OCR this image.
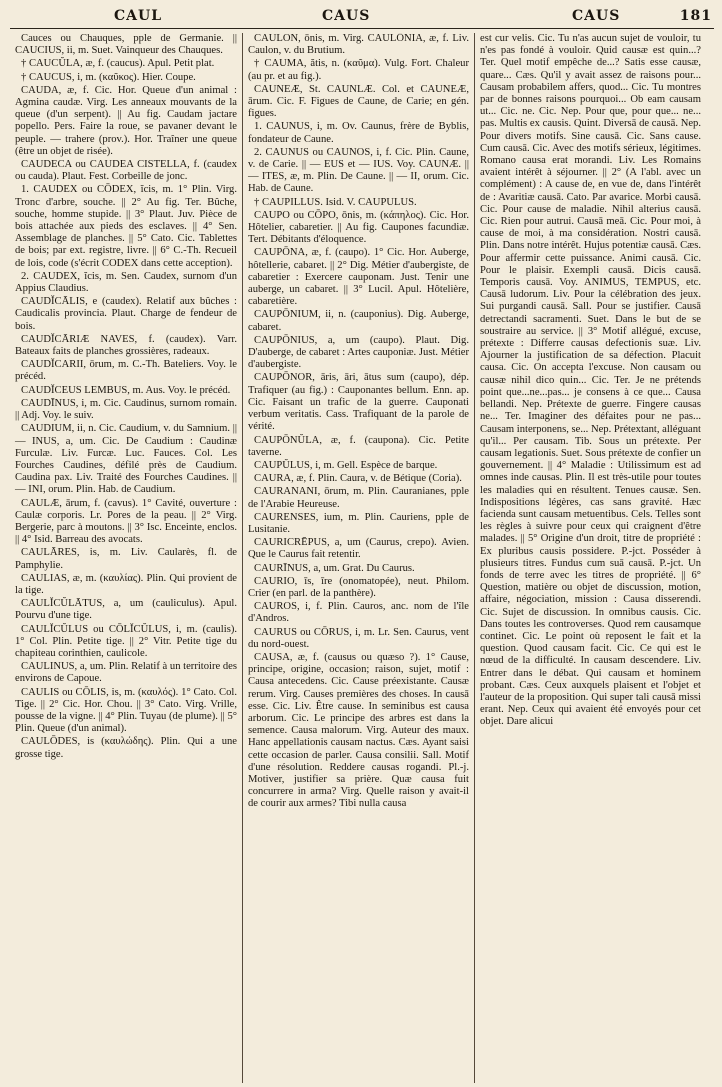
CAUL	CAUS	CAUS	181

Cauces ou Chauques, pple de Germanie. || CAUCIUS, ii, m. Suet. Vainqueur des Chauques.

† CAUCŬLA, æ, f. (caucus). Apul. Petit plat.

† CAUCUS, i, m. (καῦκος). Hier. Coupe.

CAUDA, æ, f. Cic. Hor. Queue d'un animal : Agmina caudæ. Virg. Les anneaux mouvants de la queue (d'un serpent). || Au fig. Caudam jactare popello. Pers. Faire la roue, se pavaner devant le peuple. — trahere (prov.). Hor. Traîner une queue (être un objet de risée).

CAUDECA ou CAUDEA CISTELLA, f. (caudex ou cauda). Plaut. Fest. Corbeille de jonc.

1. CAUDEX ou CŌDEX, ĭcis, m. 1° Plin. Virg. Tronc d'arbre, souche. || 2° Au fig. Ter. Bûche, souche, homme stupide. || 3° Plaut. Juv. Pièce de bois attachée aux pieds des esclaves. || 4° Sen. Assemblage de planches. || 5° Cato. Cic. Tablettes de bois; par ext. registre, livre. || 6° C.-Th. Recueil de lois, code (s'écrit CODEX dans cette acception).

2. CAUDEX, ĭcis, m. Sen. Caudex, surnom d'un Appius Claudius.

CAUDĬCĀLIS, e (caudex). Relatif aux bûches : Caudicalis provincia. Plaut. Charge de fendeur de bois.

CAUDĬCĀRIÆ NAVES, f. (caudex). Varr. Bateaux faits de planches grossières, radeaux.

CAUDĬCARII, ōrum, m. C.-Th. Bateliers. Voy. le précéd.

CAUDĬCEUS LEMBUS, m. Aus. Voy. le précéd.

CAUDĪNUS, i, m. Cic. Caudinus, surnom romain. || Adj. Voy. le suiv.

CAUDIUM, ii, n. Cic. Caudium, v. du Samnium. || — INUS, a, um. Cic. De Caudium : Caudinæ Furculæ. Liv. Furcæ. Luc. Fauces. Col. Les Fourches Caudines, défilé près de Caudium. Caudina pax. Liv. Traité des Fourches Caudines. || — INI, orum. Plin. Hab. de Caudium.

CAULÆ, ārum, f. (cavus). 1° Cavité, ouverture : Caulæ corporis. Lr. Pores de la peau. || 2° Virg. Bergerie, parc à moutons. || 3° Isc. Enceinte, enclos. || 4° Isid. Barreau des avocats.

CAULĀRES, is, m. Liv. Caularès, fl. de Pamphylie.

CAULIAS, æ, m. (καυλίας). Plin. Qui provient de la tige.

CAULĬCŬLĀTUS, a, um (cauliculus). Apul. Pourvu d'une tige.

CAULĬCŬLUS ou CŌLĬCŬLUS, i, m. (caulis). 1° Col. Plin. Petite tige. || 2° Vitr. Petite tige du chapiteau corinthien, caulicole.

CAULINUS, a, um. Plin. Relatif à un territoire des environs de Capoue.

CAULIS ou CŌLIS, is, m. (καυλός). 1° Cato. Col. Tige. || 2° Cic. Hor. Chou. || 3° Cato. Virg. Vrille, pousse de la vigne. || 4° Plin. Tuyau (de plume). || 5° Plin. Queue (d'un animal).

CAULŌDES, is (καυλώδης). Plin. Qui a une grosse tige.

CAULON, ōnis, m. Virg. CAULŌNIA, æ, f. Liv. Caulon, v. du Brutium.

† CAUMA, ătis, n. (καῦμα). Vulg. Fort. Chaleur (au pr. et au fig.).

CAUNEÆ, St. CAUNLÆ. Col. et CAUNEÆ, ārum. Cic. F. Figues de Caune, de Carie; en gén. figues.

1. CAUNUS, i, m. Ov. Caunus, frère de Byblis, fondateur de Caune.

2. CAUNUS ou CAUNOS, i, f. Cic. Plin. Caune, v. de Carie. || — EUS et — IUS. Voy. CAUNÆ. || — ITES, æ, m. Plin. De Caune. || — II, orum. Cic. Hab. de Caune.

† CAUPILLUS. Isid. V. CAUPULUS.

CAUPO ou CŌPO, ōnis, m. (κάπηλος). Cic. Hor. Hôtelier, cabaretier. || Au fig. Caupones facundiæ. Tert. Débitants d'éloquence.

CAUPŌNA, æ, f. (caupo). 1° Cic. Hor. Auberge, hôtellerie, cabaret. || 2° Dig. Métier d'aubergiste, de cabaretier : Exercere cauponam. Just. Tenir une auberge, un cabaret. || 3° Lucil. Apul. Hôtelière, cabaretière.

CAUPŌNIUM, ii, n. (cauponius). Dig. Auberge, cabaret.

CAUPŌNIUS, a, um (caupo). Plaut. Dig. D'auberge, de cabaret : Artes cauponiæ. Just. Métier d'aubergiste.

CAUPŌNOR, āris, āri, ātus sum (caupo), dép. Trafiquer (au fig.) : Cauponantes bellum. Enn. ap. Cic. Faisant un trafic de la guerre. Cauponati verbum veritatis. Cass. Trafiquant de la parole de vérité.

CAUPŌNŬLA, æ, f. (caupona). Cic. Petite taverne.

CAUPŬLUS, i, m. Gell. Espèce de barque.

CAURA, æ, f. Plin. Caura, v. de Bétique (Coria).

CAURANANI, ōrum, m. Plin. Cauranianes, pple de l'Arabie Heureuse.

CAURENSES, ium, m. Plin. Cauriens, pple de Lusitanie.

CAURICRĒPUS, a, um (Caurus, crepo). Avien. Que le Caurus fait retentir.

CAURĪNUS, a, um. Grat. Du Caurus.

CAURIO, īs, īre (onomatopée), neut. Philom. Crier (en parl. de la panthère).

CAUROS, i, f. Plin. Cauros, anc. nom de l'île d'Andros.

CAURUS ou CŌRUS, i, m. Lr. Sen. Caurus, vent du nord-ouest.

CAUSA, æ, f. (causus ou quæso ?). 1° Cause, principe, origine, occasion; raison, sujet, motif : Causa antecedens. Cic. Cause préexistante. Causæ rerum. Virg. Causes premières des choses. In causā esse. Cic. Liv. Être cause. In seminibus est causa arborum. Cic. Le principe des arbres est dans la semence. Causa malorum. Virg. Auteur des maux. Hanc appellationis causam nactus. Cæs. Ayant saisi cette occasion de parler. Causa consilii. Sall. Motif d'une résolution. Reddere causas rogandi. Pl.-j. Motiver, justifier sa prière. Quæ causa fuit concurrere in arma? Virg. Quelle raison y avait-il de courir aux armes? Tibi nulla causa

est cur velis. Cic. Tu n'as aucun sujet de vouloir, tu n'es pas fondé à vouloir. Quid causæ est quin...? Ter. Quel motif empêche de...? Satis esse causæ, quare... Cæs. Qu'il y avait assez de raisons pour... Causam probabilem affers, quod... Cic. Tu montres par de bonnes raisons pourquoi... Ob eam causam ut... Cic. ne. Cic. Nep. Pour que, pour que... ne... pas. Multis ex causis. Quint. Diversā de causā. Nep. Pour divers motifs. Sine causā. Cic. Sans cause. Cum causā. Cic. Avec des motifs sérieux, légitimes. Romano causa erat morandi. Liv. Les Romains avaient intérêt à séjourner. || 2° (A l'abl. avec un complément) : A cause de, en vue de, dans l'intérêt de : Avaritiæ causā. Cato. Par avarice. Morbi causā. Cic. Pour cause de maladie. Nihil alterius causā. Cic. Rien pour autrui. Causā meā. Cic. Pour moi, à cause de moi, à ma considération. Nostri causā. Plin. Dans notre intérêt. Hujus potentiæ causā. Cæs. Pour affermir cette puissance. Animi causā. Cic. Pour le plaisir. Exempli causā. Dicis causā. Temporis causā. Voy. ANIMUS, TEMPUS, etc. Causā ludorum. Liv. Pour la célébration des jeux. Sui purgandi causā. Sall. Pour se justifier. Causā detrectandi sacramenti. Suet. Dans le but de se soustraire au service. || 3° Motif allégué, excuse, prétexte : Differre causas defectionis suæ. Liv. Ajourner la justification de sa défection. Placuit causa. Cic. On accepta l'excuse. Non causam ou causæ nihil dico quin... Cic. Ter. Je ne prétends point que...ne...pas... je consens à ce que... Causa bellandi. Nep. Prétexte de guerre. Fingere causas ne... Ter. Imaginer des défaites pour ne pas... Causam interponens, se... Nep. Prétextant, alléguant qu'il... Per causam. Tib. Sous un prétexte. Per causam legationis. Suet. Sous prétexte de confier un gouvernement. || 4° Maladie : Utilissimum est ad omnes inde causas. Plin. Il est très-utile pour toutes les maladies qui en résultent. Tenues causæ. Sen. Indispositions légères, cas sans gravité. Hæc facienda sunt causam metuentibus. Cels. Telles sont les règles à suivre pour ceux qui craignent d'être malades. || 5° Origine d'un droit, titre de propriété : Ex pluribus causis possidere. P.-jct. Posséder à plusieurs titres. Fundus cum suā causā. P.-jct. Un fonds de terre avec les titres de propriété. || 6° Question, matière ou objet de discussion, motion, affaire, négociation, mission : Causa disserendi. Cic. Sujet de discussion. In omnibus causis. Cic. Dans toutes les controverses. Quod rem causamque continet. Cic. Le point où reposent le fait et la question. Quod causam facit. Cic. Ce qui est le nœud de la difficulté. In causam descendere. Liv. Entrer dans le débat. Qui causam et hominem probant. Cæs. Ceux auxquels plaisent et l'objet et l'auteur de la proposition. Qui super tali causā missi erant. Nep. Ceux qui avaient été envoyés pour cet objet. Dare alicui
